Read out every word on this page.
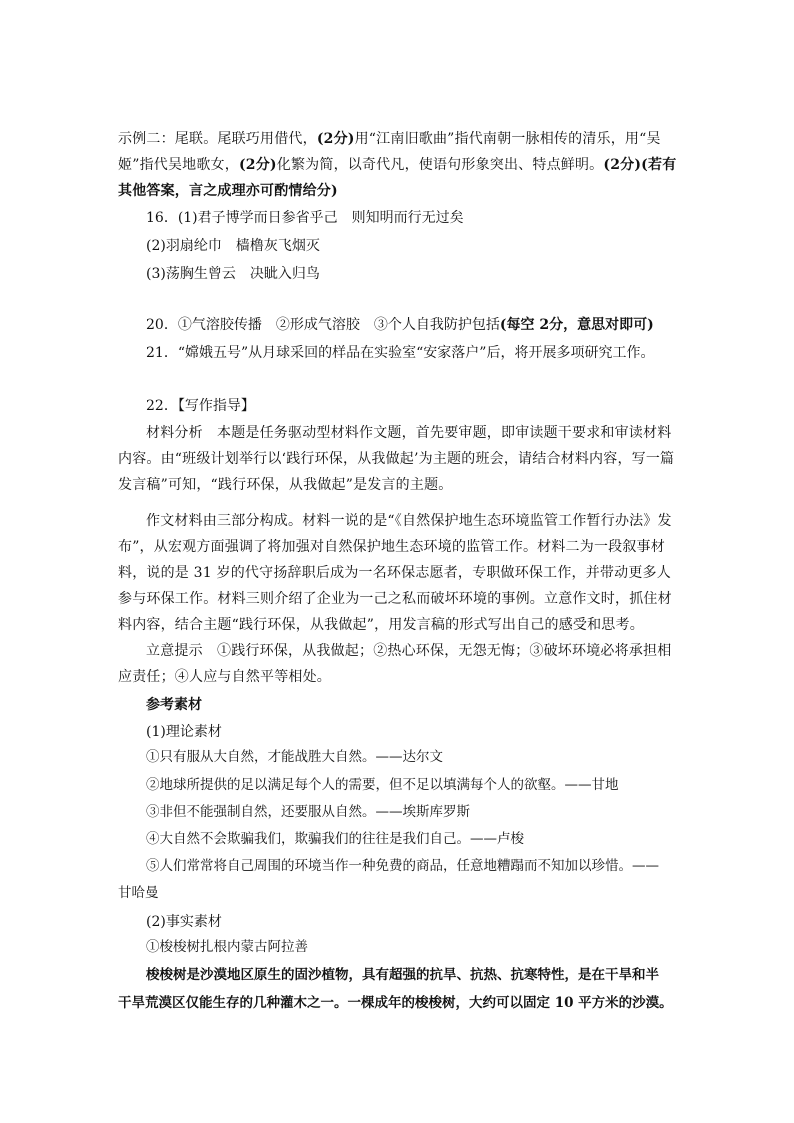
示例二：尾联。尾联巧用借代，(2分)用“江南旧歌曲”指代南朝一脉相传的清乐，用“吴姬”指代吴地歌女，(2分)化繁为简，以奇代凡，使语句形象突出、特点鲜明。(2分)(若有其他答案，言之成理亦可酌情给分)
16．(1)君子博学而日参省乎己　则知明而行无过矣
(2)羽扇纶巾　樯橹灰飞烟灭
(3)荡胸生曾云　决眦入归鸟
20．①气溶胶传播　②形成气溶胶　③个人自我防护包括(每空 2分，意思对即可)
21．“嫦娥五号”从月球采回的样品在实验室“安家落户”后，将开展多项研究工作。
22．【写作指导】
材料分析　本题是任务驱动型材料作文题，首先要审题，即审读题干要求和审读材料内容。由“班级计划举行以‘践行环保，从我做起’为主题的班会，请结合材料内容，写一篇发言稿”可知，“践行环保，从我做起”是发言的主题。
作文材料由三部分构成。材料一说的是“《自然保护地生态环境监管工作暂行办法》发布”，从宏观方面强调了将加强对自然保护地生态环境的监管工作。材料二为一段叙事材料，说的是 31 岁的代守扬辞职后成为一名环保志愿者，专职做环保工作，并带动更多人参与环保工作。材料三则介绍了企业为一己之私而破坏环境的事例。立意作文时，抓住材料内容，结合主题“践行环保，从我做起”，用发言稿的形式写出自己的感受和思考。
立意提示　①践行环保，从我做起；②热心环保，无怨无悔；③破坏环境必将承担相应责任；④人应与自然平等相处。
参考素材
(1)理论素材
①只有服从大自然，才能战胜大自然。——达尔文
②地球所提供的足以满足每个人的需要，但不足以填满每个人的欲壑。——甘地
③非但不能强制自然，还要服从自然。——埃斯库罗斯
④大自然不会欺骗我们，欺骗我们的往往是我们自己。——卢梭
⑤人们常常将自己周围的环境当作一种免费的商品，任意地糟蹋而不知加以珍惜。——
甘哈曼
(2)事实素材
①梭梭树扎根内蒙古阿拉善
梭梭树是沙漠地区原生的固沙植物，具有超强的抗旱、抗热、抗寒特性，是在干旱和半
干旱荒漠区仅能生存的几种灌木之一。一棵成年的梭梭树，大约可以固定 10 平方米的沙漠。
